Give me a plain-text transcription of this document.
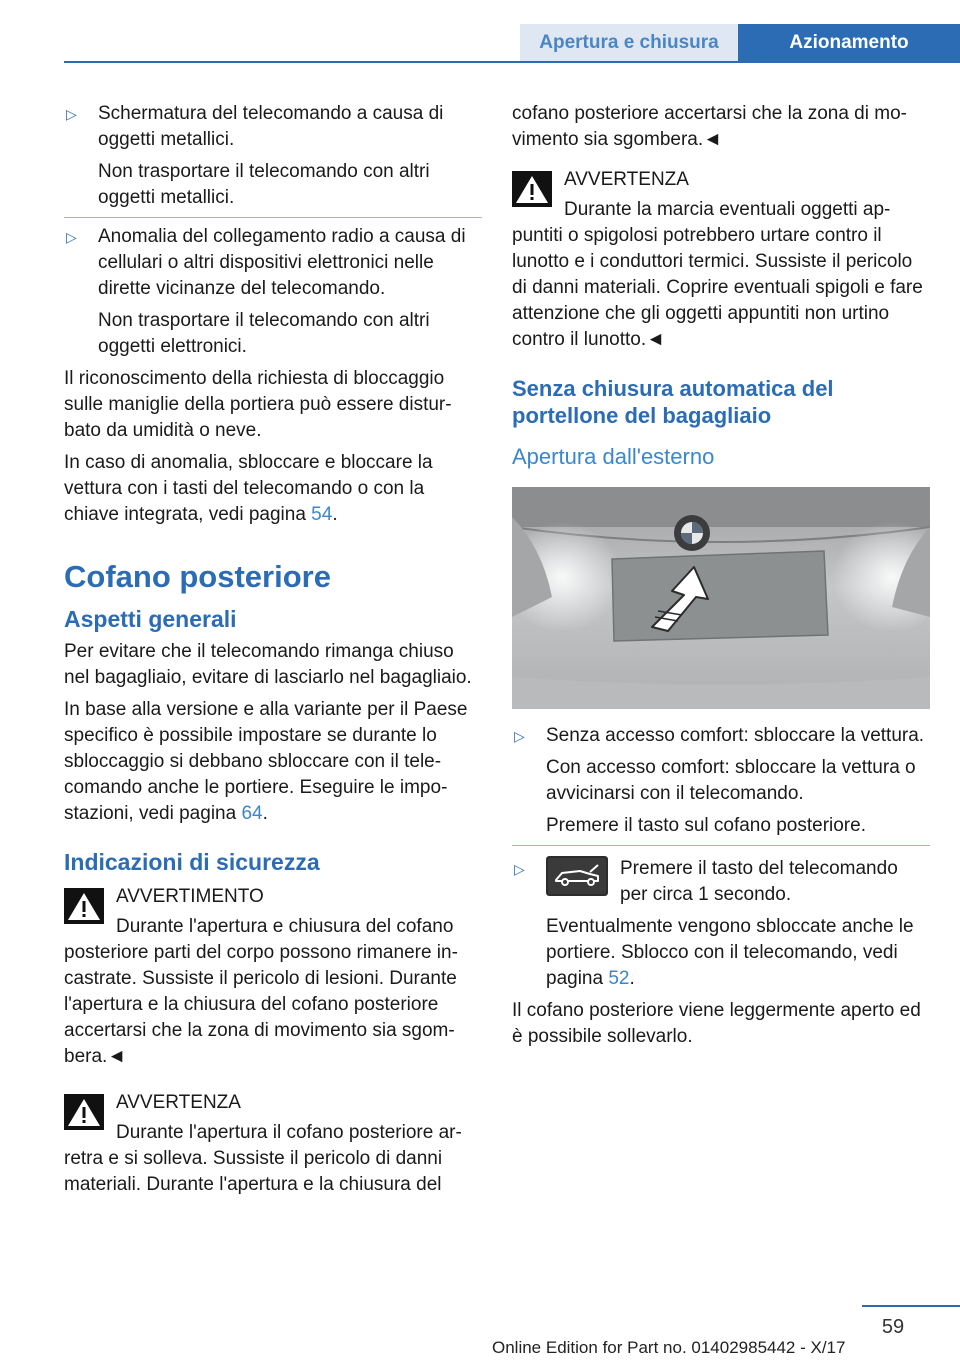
Apertura e chiusura	Azionamento
▷ Schermatura del telecomando a causa di oggetti metallici.
Non trasportare il telecomando con altri oggetti metallici.
▷ Anomalia del collegamento radio a causa di cellulari o altri dispositivi elettronici nelle dirette vicinanze del telecomando.
Non trasportare il telecomando con altri oggetti elettronici.
Il riconoscimento della richiesta di bloccaggio sulle maniglie della portiera può essere disturbato da umidità o neve.
In caso di anomalia, sbloccare e bloccare la vettura con i tasti del telecomando o con la chiave integrata, vedi pagina 54.
Cofano posteriore
Aspetti generali
Per evitare che il telecomando rimanga chiuso nel bagagliaio, evitare di lasciarlo nel bagagliaio.
In base alla versione e alla variante per il Paese specifico è possibile impostare se durante lo sbloccaggio si debbano sbloccare con il telecomando anche le portiere. Eseguire le impostazioni, vedi pagina 64.
Indicazioni di sicurezza
AVVERTIMENTO
Durante l'apertura e chiusura del cofano posteriore parti del corpo possono rimanere incastrate. Sussiste il pericolo di lesioni. Durante l'apertura e la chiusura del cofano posteriore accertarsi che la zona di movimento sia sgombera.◄
AVVERTENZA
Durante l'apertura il cofano posteriore arretra e si solleva. Sussiste il pericolo di danni materiali. Durante l'apertura e la chiusura del
cofano posteriore accertarsi che la zona di movimento sia sgombera.◄
AVVERTENZA
Durante la marcia eventuali oggetti appuntiti o spigolosi potrebbero urtare contro il lunotto e i conduttori termici. Sussiste il pericolo di danni materiali. Coprire eventuali spigoli e fare attenzione che gli oggetti appuntiti non urtino contro il lunotto.◄
Senza chiusura automatica del portellone del bagagliaio
Apertura dall'esterno
▷ Senza accesso comfort: sbloccare la vettura.
Con accesso comfort: sbloccare la vettura o avvicinarsi con il telecomando.
Premere il tasto sul cofano posteriore.
▷	Premere il tasto del telecomando per circa 1 secondo.
Eventualmente vengono sbloccate anche le portiere. Sblocco con il telecomando, vedi pagina 52.
Il cofano posteriore viene leggermente aperto ed è possibile sollevarlo.
59
Online Edition for Part no. 01402985442 - X/17
